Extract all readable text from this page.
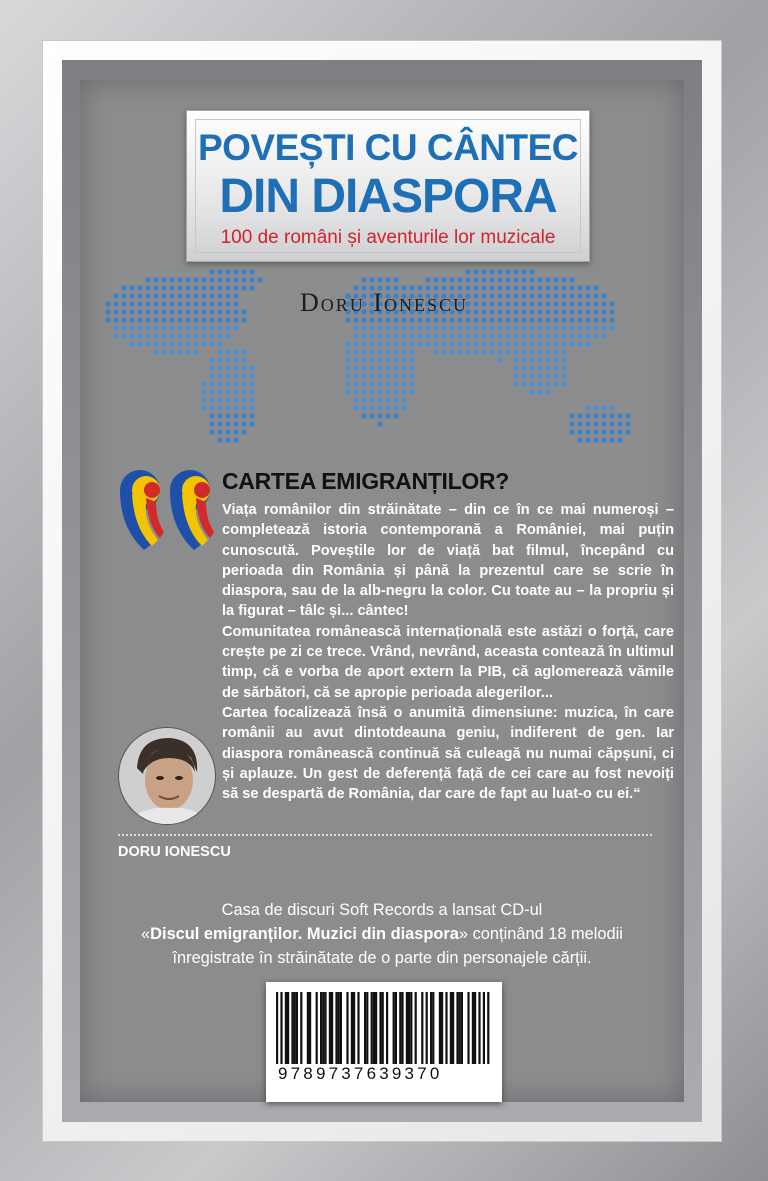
POVEȘTI CU CÂNTEC
DIN DIASPORA
100 de români și aventurile lor muzicale
Doru Ionescu
CARTEA EMIGRANȚILOR?

Viața românilor din străinătate – din ce în ce mai numeroși – completează istoria contemporană a României, mai puțin cunoscută. Poveștile lor de viață bat filmul, începând cu perioada din România și până la prezentul care se scrie în diaspora, sau de la alb-negru la color. Cu toate au – la propriu și la figurat – tâlc și... cântec!

Comunitatea românească internațională este astăzi o forță, care crește pe zi ce trece. Vrând, nevrând, aceasta contează în ultimul timp, că e vorba de aport extern la PIB, că aglomerează vămile de sărbători, că se apropie perioada alegerilor...

Cartea focalizează însă o anumită dimensiune: muzica, în care românii au avut dintotdeauna geniu, indiferent de gen. Iar diaspora românească continuă să culeagă nu numai căpșuni, ci și aplauze. Un gest de deferență față de cei care au fost nevoiți să se despartă de România, dar care de fapt au luat-o cu ei.“

DORU IONESCU
Casa de discuri Soft Records a lansat CD-ul
«Discul emigranților. Muzici din diaspora» conținând 18 melodii
înregistrate în străinătate de o parte din personajele cărții.
9789737639370
